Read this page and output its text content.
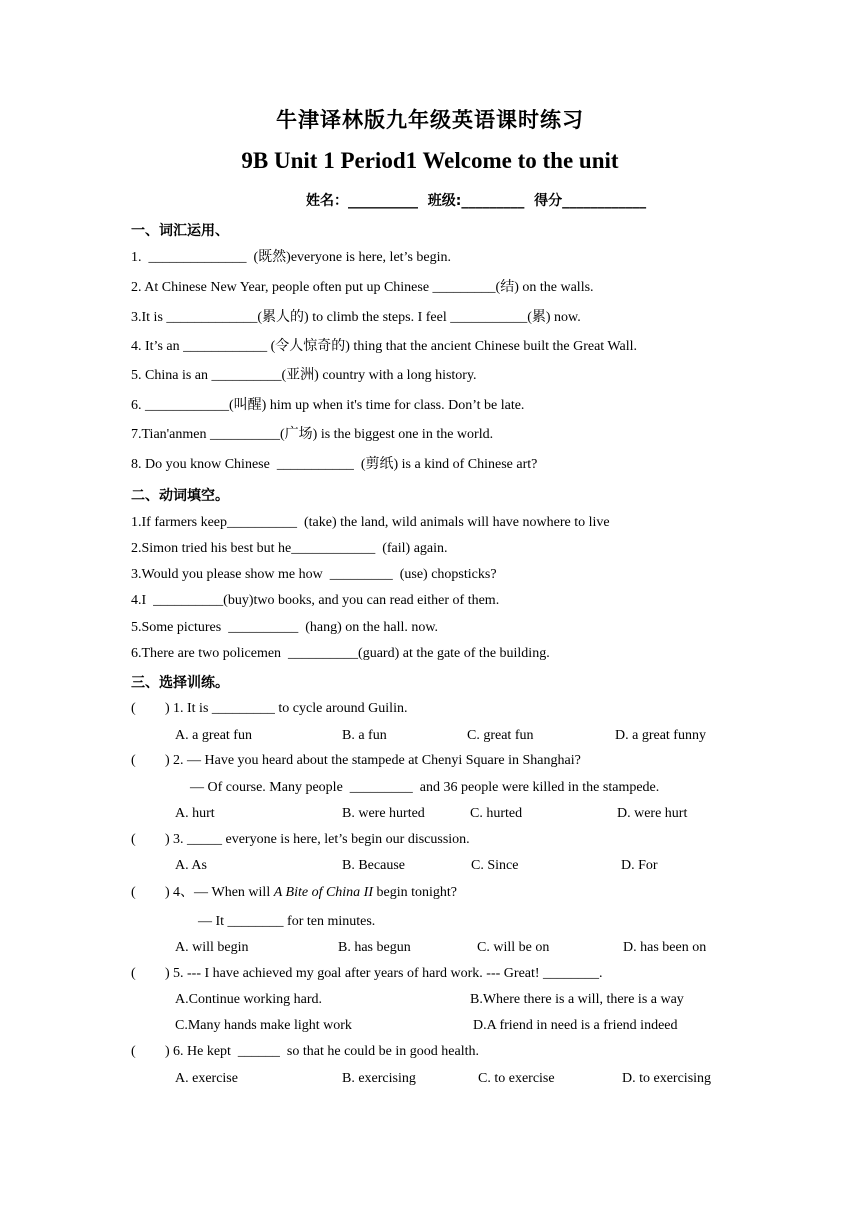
牛津译林版九年级英语课时练习
9B Unit 1 Period1 Welcome to the unit
姓名：__________  班级:_________  得分____________
一、词汇运用、
1.  ______________  (既然)everyone is here, let’s begin.
2. At Chinese New Year, people often put up Chinese _________(结) on the walls.
3.It is _____________(累人的) to climb the steps. I feel ___________(累) now.
4. It’s an ____________ (令人惊奇的) thing that the ancient Chinese built the Great Wall.
5. China is an __________(亚洲) country with a long history.
6. ____________(叫醒) him up when it's time for class. Don’t be late.
7.Tian'anmen __________(广场) is the biggest one in the world.
8. Do you know Chinese  ___________  (剪纸) is a kind of Chinese art?
二、动词填空。
1.If farmers keep__________  (take) the land, wild animals will have nowhere to live
2.Simon tried his best but he____________  (fail) again.
3.Would you please show me how  _________  (use) chopsticks?
4.I  __________(buy)two books, and you can read either of them.
5.Some pictures  __________  (hang) on the hall. now.
6.There are two policemen  __________(guard) at the gate of the building.
三、选择训练。

(

)

1. It is _________ to cycle around Guilin.

A. a great fun	B. a fun	C. great fun	D. a great funny

(

)

2. — Have you heard about the stampede at Chenyi Square in Shanghai?

— Of course. Many people  _________  and 36 people were killed in the stampede.
A. hurt	B. were hurted	C. hurted	D. were hurt

(

)

3. _____ everyone is here, let’s begin our discussion.

A. As	B. Because	C. Since	D. For

(

)

4、— When will A Bite of China II begin tonight?

— It ________ for ten minutes.
A. will begin	B. has begun	C. will be on	D. has been on

(

)

5. --- I have achieved my goal after years of hard work. --- Great! ________.

A.Continue working hard.	B.Where there is a will, there is a way
C.Many hands make light work	D.A friend in need is a friend indeed

(

)

6. He kept  ______  so that he could be in good health.

A. exercise	B. exercising	C. to exercise	D. to exercising
